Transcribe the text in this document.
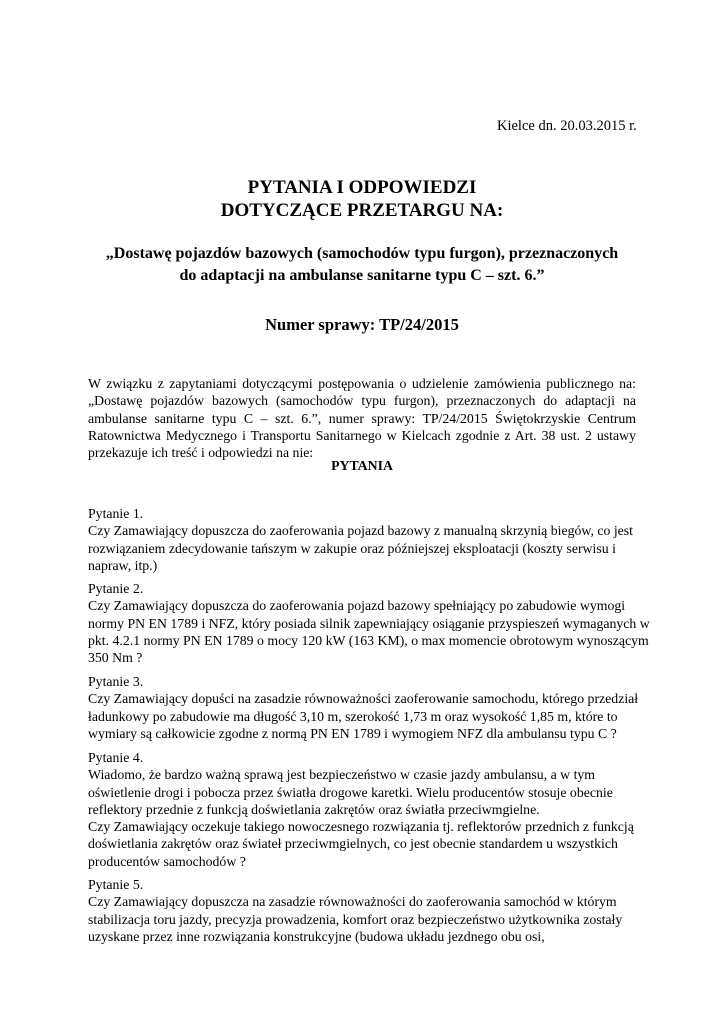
Kielce dn. 20.03.2015 r.
PYTANIA I ODPOWIEDZI
DOTYCZĄCE PRZETARGU NA:
„Dostawę pojazdów bazowych (samochodów typu furgon), przeznaczonych
do adaptacji na ambulanse sanitarne typu C – szt. 6.”
Numer sprawy: TP/24/2015
W związku z zapytaniami dotyczącymi postępowania o udzielenie zamówienia publicznego na:
„Dostawę pojazdów bazowych (samochodów typu furgon), przeznaczonych do adaptacji na
ambulanse sanitarne typu C – szt. 6.”, numer sprawy: TP/24/2015 Świętokrzyskie Centrum
Ratownictwa Medycznego i Transportu Sanitarnego w Kielcach zgodnie z Art. 38 ust. 2 ustawy
przekazuje ich treść i odpowiedzi na nie:
PYTANIA
Pytanie 1.
Czy Zamawiający dopuszcza do zaoferowania pojazd bazowy z manualną skrzynią biegów, co jest
rozwiązaniem zdecydowanie tańszym w zakupie oraz późniejszej eksploatacji (koszty serwisu i
napraw, itp.)
Pytanie 2.
Czy Zamawiający dopuszcza do zaoferowania pojazd bazowy spełniający po zabudowie wymogi
normy PN EN 1789 i NFZ, który posiada silnik zapewniający osiąganie przyspieszeń wymaganych w
pkt. 4.2.1 normy PN EN 1789 o mocy 120 kW (163 KM), o max momencie obrotowym wynoszącym
350 Nm ?
Pytanie 3.
Czy Zamawiający dopuści na zasadzie równoważności zaoferowanie samochodu, którego przedział
ładunkowy po zabudowie ma długość 3,10 m, szerokość 1,73 m oraz wysokość 1,85 m, które to
wymiary są całkowicie zgodne z normą PN EN 1789 i wymogiem NFZ dla ambulansu typu C ?
Pytanie 4.
Wiadomo, że bardzo ważną sprawą jest bezpieczeństwo w czasie jazdy ambulansu, a w tym
oświetlenie drogi i pobocza przez światła drogowe karetki. Wielu producentów stosuje obecnie
reflektory przednie z funkcją doświetlania zakrętów oraz światła przeciwmgielne.
Czy Zamawiający oczekuje takiego nowoczesnego rozwiązania tj. reflektorów przednich z funkcją
doświetlania zakrętów oraz świateł przeciwmgielnych, co jest obecnie standardem u wszystkich
producentów samochodów ?
Pytanie 5.
Czy Zamawiający dopuszcza na zasadzie równoważności do zaoferowania samochód w którym
stabilizacja toru jazdy, precyzja prowadzenia, komfort oraz bezpieczeństwo użytkownika zostały
uzyskane przez inne rozwiązania konstrukcyjne (budowa układu jezdnego obu osi,
